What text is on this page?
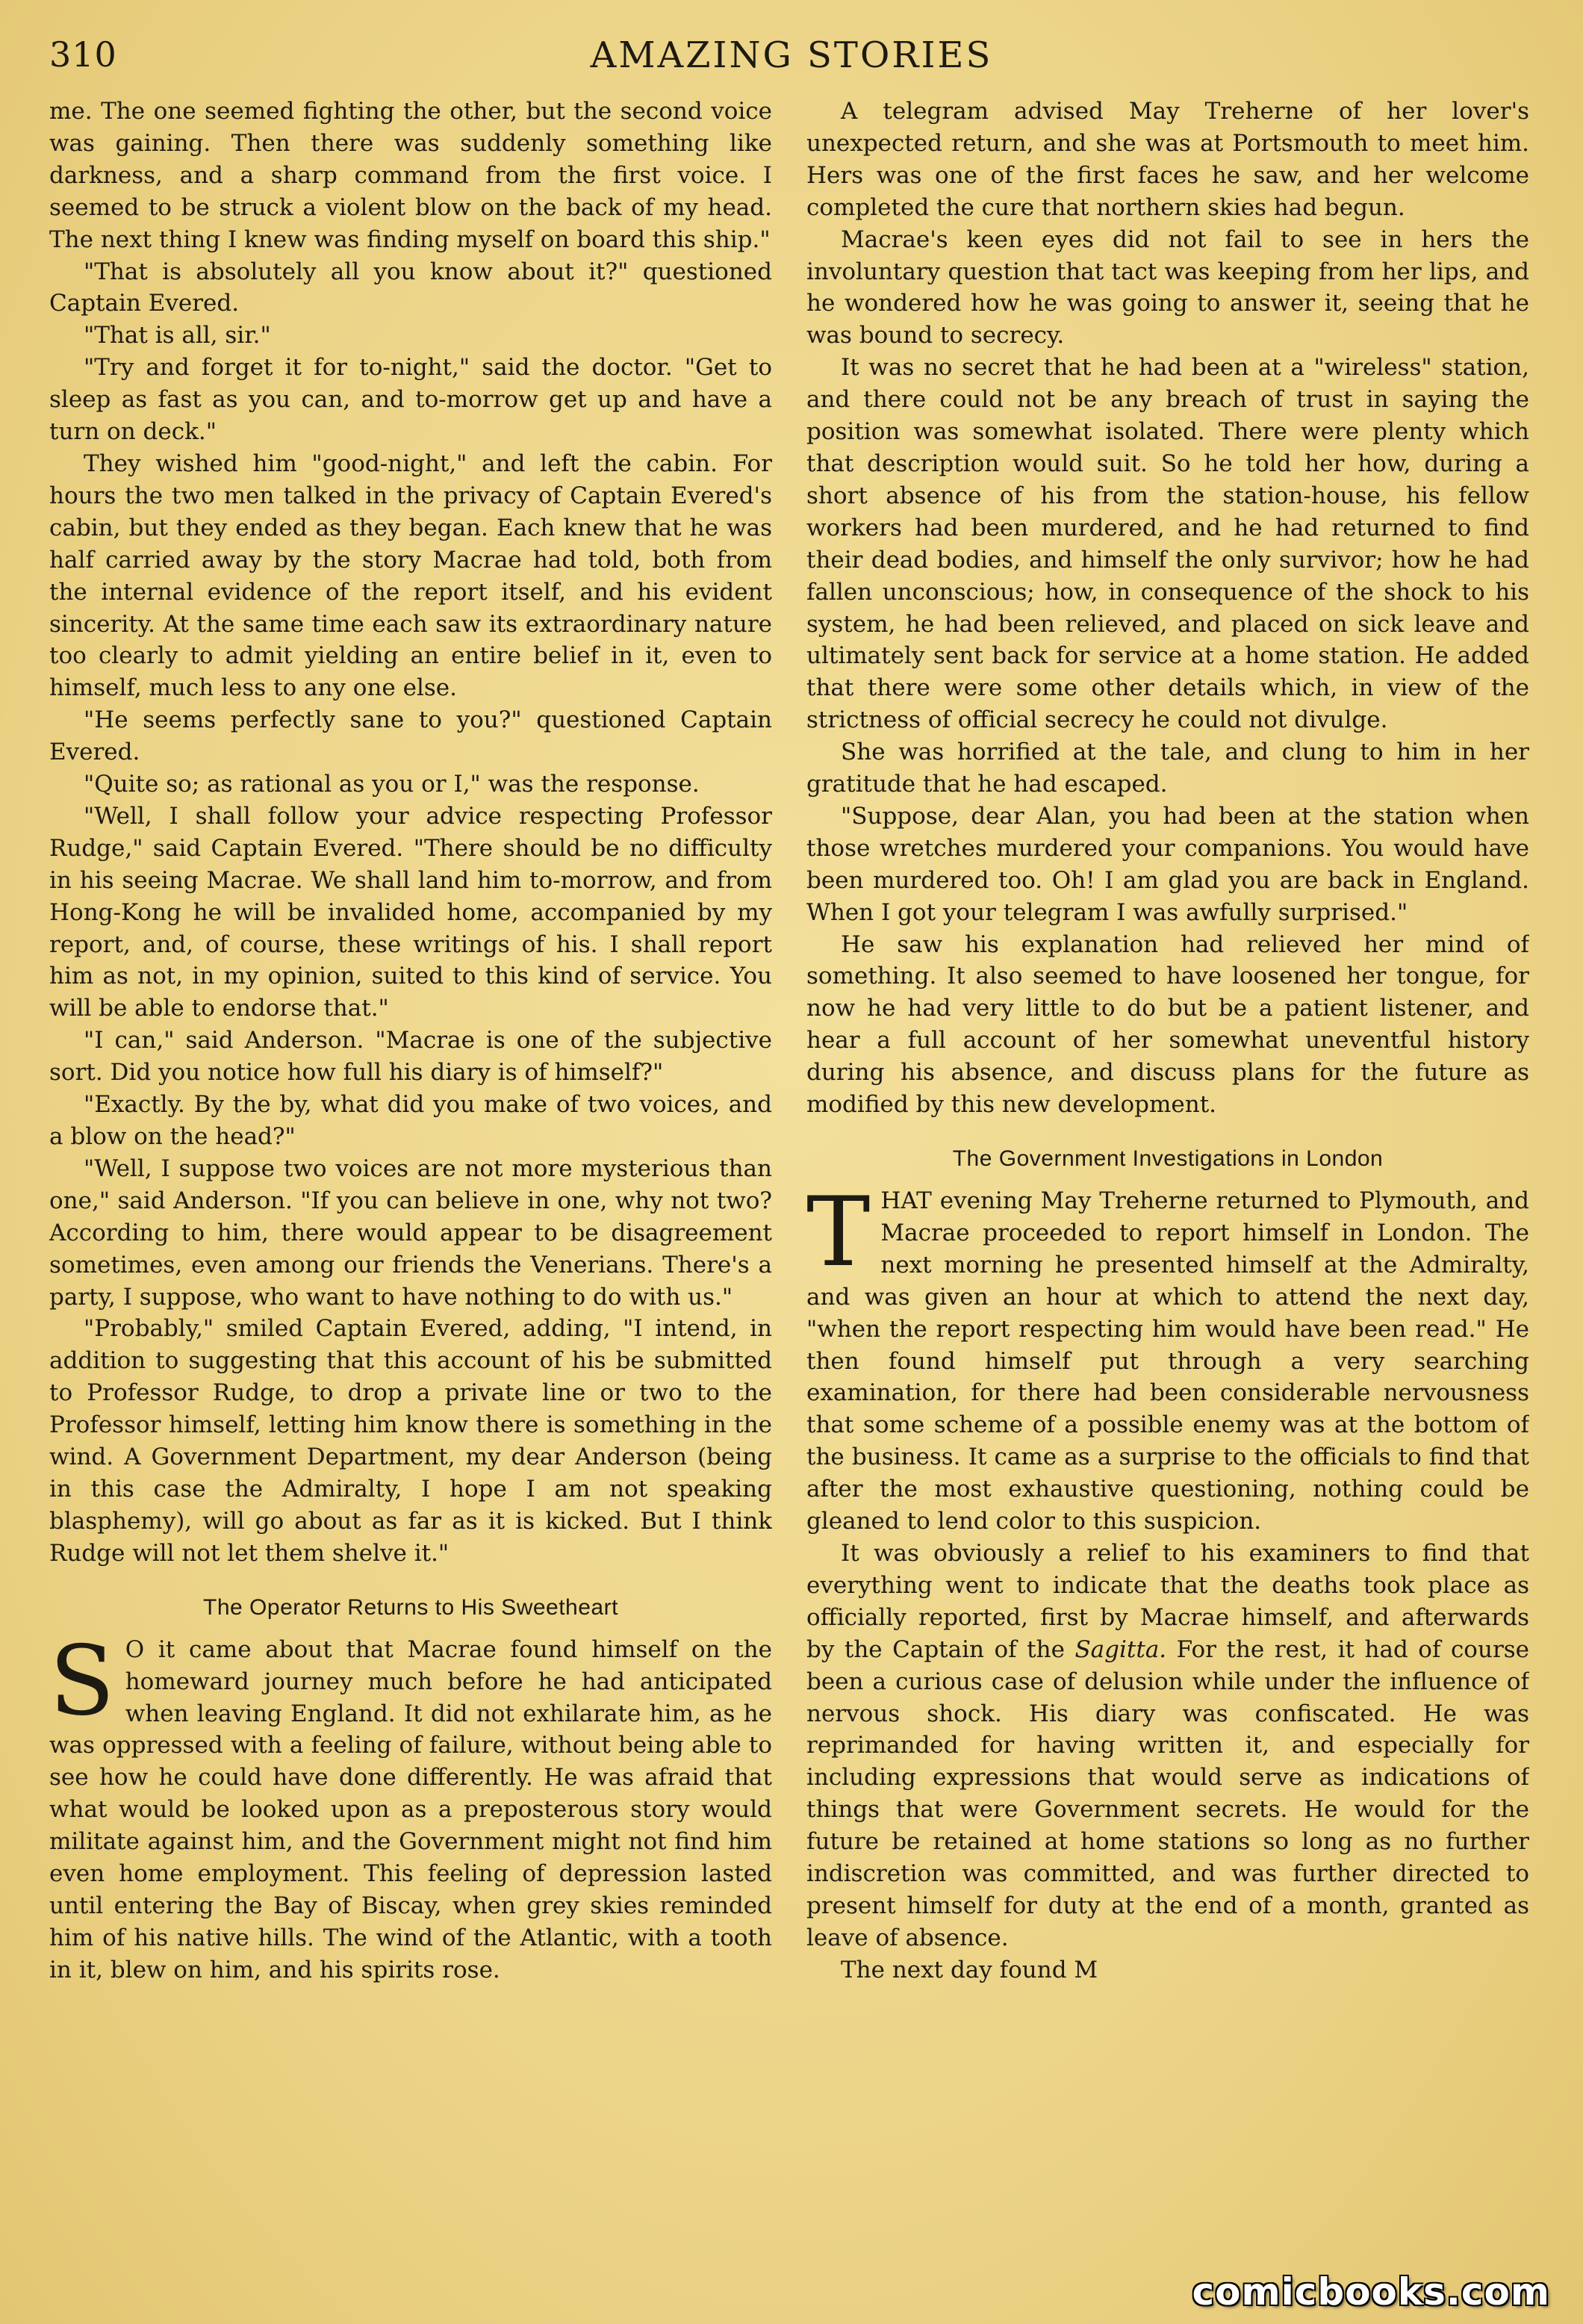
310	AMAZING STORIES

me. The one seemed fighting the other, but the second voice was gaining. Then there was suddenly something like darkness, and a sharp command from the first voice. I seemed to be struck a violent blow on the back of my head. The next thing I knew was finding myself on board this ship."

"That is absolutely all you know about it?" questioned Captain Evered.

"That is all, sir."

"Try and forget it for to-night," said the doctor. "Get to sleep as fast as you can, and to-morrow get up and have a turn on deck."

They wished him "good-night," and left the cabin. For hours the two men talked in the privacy of Captain Evered's cabin, but they ended as they began. Each knew that he was half carried away by the story Macrae had told, both from the internal evidence of the report itself, and his evident sincerity. At the same time each saw its extraordinary nature too clearly to admit yielding an entire belief in it, even to himself, much less to any one else.

"He seems perfectly sane to you?" questioned Captain Evered.

"Quite so; as rational as you or I," was the response.

"Well, I shall follow your advice respecting Professor Rudge," said Captain Evered. "There should be no difficulty in his seeing Macrae. We shall land him to-morrow, and from Hong-Kong he will be invalided home, accompanied by my report, and, of course, these writings of his. I shall report him as not, in my opinion, suited to this kind of service. You will be able to endorse that."

"I can," said Anderson. "Macrae is one of the subjective sort. Did you notice how full his diary is of himself?"

"Exactly. By the by, what did you make of two voices, and a blow on the head?"

"Well, I suppose two voices are not more mysterious than one," said Anderson. "If you can believe in one, why not two? According to him, there would appear to be disagreement sometimes, even among our friends the Venerians. There's a party, I suppose, who want to have nothing to do with us."

"Probably," smiled Captain Evered, adding, "I intend, in addition to suggesting that this account of his be submitted to Professor Rudge, to drop a private line or two to the Professor himself, letting him know there is something in the wind. A Government Department, my dear Anderson (being in this case the Admiralty, I hope I am not speaking blasphemy), will go about as far as it is kicked. But I think Rudge will not let them shelve it."

The Operator Returns to His Sweetheart

S O it came about that Macrae found himself on the homeward journey much before he had anticipated when leaving England. It did not exhilarate him, as he was oppressed with a feeling of failure, without being able to see how he could have done differently. He was afraid that what would be looked upon as a preposterous story would militate against him, and the Government might not find him even home employment. This feeling of depression lasted until entering the Bay of Biscay, when grey skies reminded him of his native hills. The wind of the Atlantic, with a tooth in it, blew on him, and his spirits rose.

A telegram advised May Treherne of her lover's unexpected return, and she was at Portsmouth to meet him. Hers was one of the first faces he saw, and her welcome completed the cure that northern skies had begun.

Macrae's keen eyes did not fail to see in hers the involuntary question that tact was keeping from her lips, and he wondered how he was going to answer it, seeing that he was bound to secrecy.

It was no secret that he had been at a "wireless" station, and there could not be any breach of trust in saying the position was somewhat isolated. There were plenty which that description would suit. So he told her how, during a short absence of his from the station-house, his fellow workers had been murdered, and he had returned to find their dead bodies, and himself the only survivor; how he had fallen unconscious; how, in consequence of the shock to his system, he had been relieved, and placed on sick leave and ultimately sent back for service at a home station. He added that there were some other details which, in view of the strictness of official secrecy he could not divulge.

She was horrified at the tale, and clung to him in her gratitude that he had escaped.

"Suppose, dear Alan, you had been at the station when those wretches murdered your companions. You would have been murdered too. Oh! I am glad you are back in England. When I got your telegram I was awfully surprised."

He saw his explanation had relieved her mind of something. It also seemed to have loosened her tongue, for now he had very little to do but be a patient listener, and hear a full account of her somewhat uneventful history during his absence, and discuss plans for the future as modified by this new development.

The Government Investigations in London

THAT evening May Treherne returned to Plymouth, and Macrae proceeded to report himself in London. The next morning he presented himself at the Admiralty, and was given an hour at which to attend the next day, "when the report respecting him would have been read." He then found himself put through a very searching examination, for there had been considerable nervousness that some scheme of a possible enemy was at the bottom of the business. It came as a surprise to the officials to find that after the most exhaustive questioning, nothing could be gleaned to lend color to this suspicion.

It was obviously a relief to his examiners to find that everything went to indicate that the deaths took place as officially reported, first by Macrae himself, and afterwards by the Captain of the Sagitta. For the rest, it had of course been a curious case of delusion while under the influence of nervous shock. His diary was confiscated. He was reprimanded for having written it, and especially for including expressions that would serve as indications of things that were Government secrets. He would for the future be retained at home stations so long as no further indiscretion was committed, and was further directed to present himself for duty at the end of a month, granted as leave of absence.

The next day found M

comicbooks.com
